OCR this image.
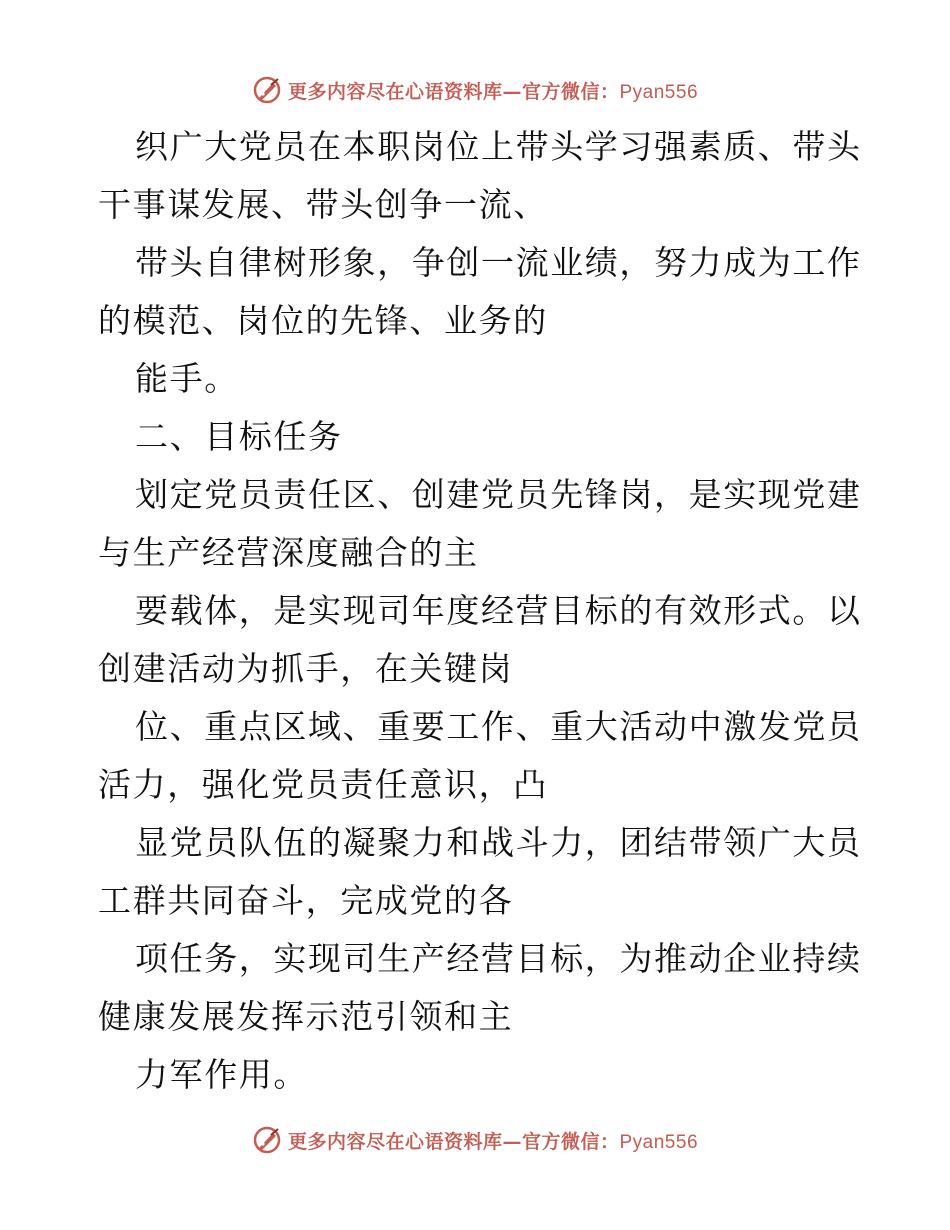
更多内容尽在心语资料库—官方微信：Pyan556
织广大党员在本职岗位上带头学习强素质、带头
干事谋发展、带头创争一流、
带头自律树形象，争创一流业绩，努力成为工作
的模范、岗位的先锋、业务的
能手。
二、目标任务
划定党员责任区、创建党员先锋岗，是实现党建
与生产经营深度融合的主
要载体，是实现司年度经营目标的有效形式。以
创建活动为抓手，在关键岗
位、重点区域、重要工作、重大活动中激发党员
活力，强化党员责任意识，凸
显党员队伍的凝聚力和战斗力，团结带领广大员
工群共同奋斗，完成党的各
项任务，实现司生产经营目标，为推动企业持续
健康发展发挥示范引领和主
力军作用。
更多内容尽在心语资料库—官方微信：Pyan556
